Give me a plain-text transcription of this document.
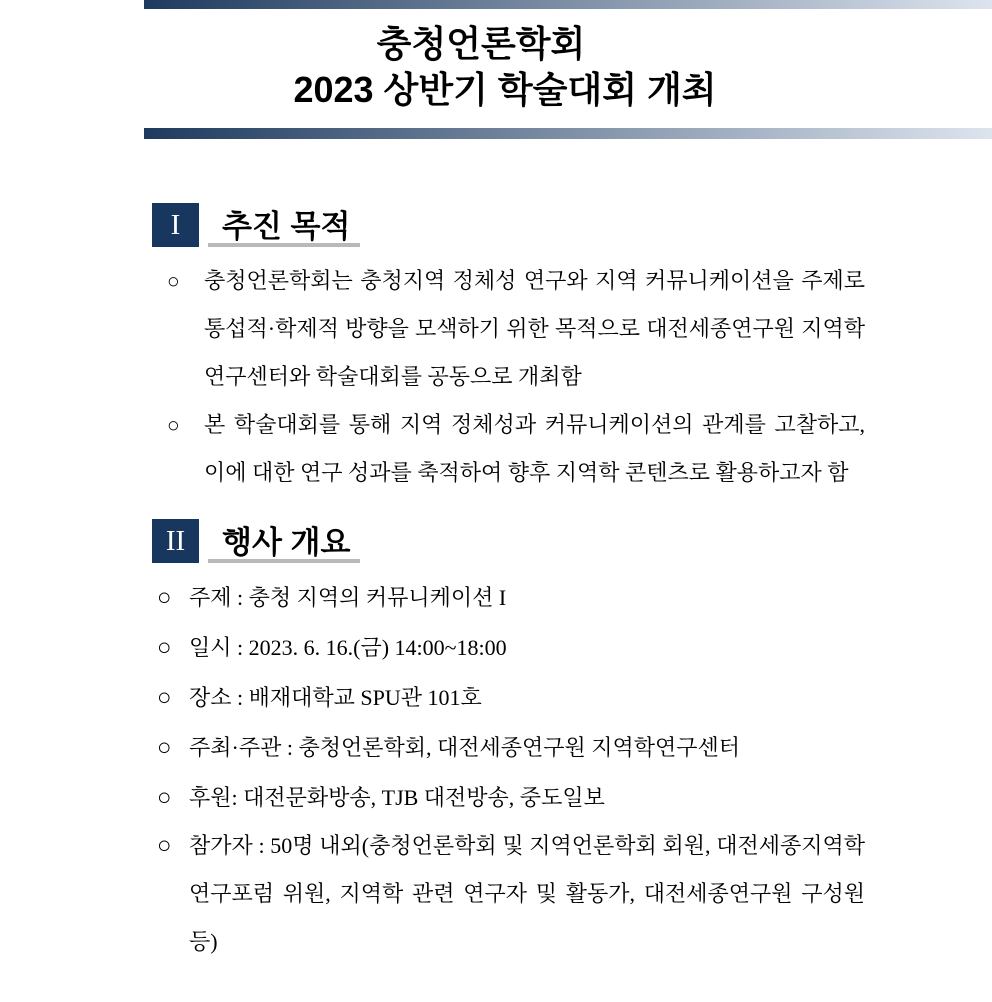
충청언론학회
2023 상반기 학술대회 개최
I 추진 목적
○ 충청언론학회는 충청지역 정체성 연구와 지역 커뮤니케이션을 주제로 통섭적·학제적 방향을 모색하기 위한 목적으로 대전세종연구원 지역학연구센터와 학술대회를 공동으로 개최함
○ 본 학술대회를 통해 지역 정체성과 커뮤니케이션의 관계를 고찰하고, 이에 대한 연구 성과를 축적하여 향후 지역학 콘텐츠로 활용하고자 함
II 행사 개요
○ 주제 : 충청 지역의 커뮤니케이션 I
○ 일시 : 2023. 6. 16.(금) 14:00~18:00
○ 장소 : 배재대학교 SPU관 101호
○ 주최·주관 : 충청언론학회, 대전세종연구원 지역학연구센터
○ 후원: 대전문화방송, TJB 대전방송, 중도일보
○ 참가자 : 50명 내외(충청언론학회 및 지역언론학회 회원, 대전세종지역학연구포럼 위원, 지역학 관련 연구자 및 활동가, 대전세종연구원 구성원 등)
